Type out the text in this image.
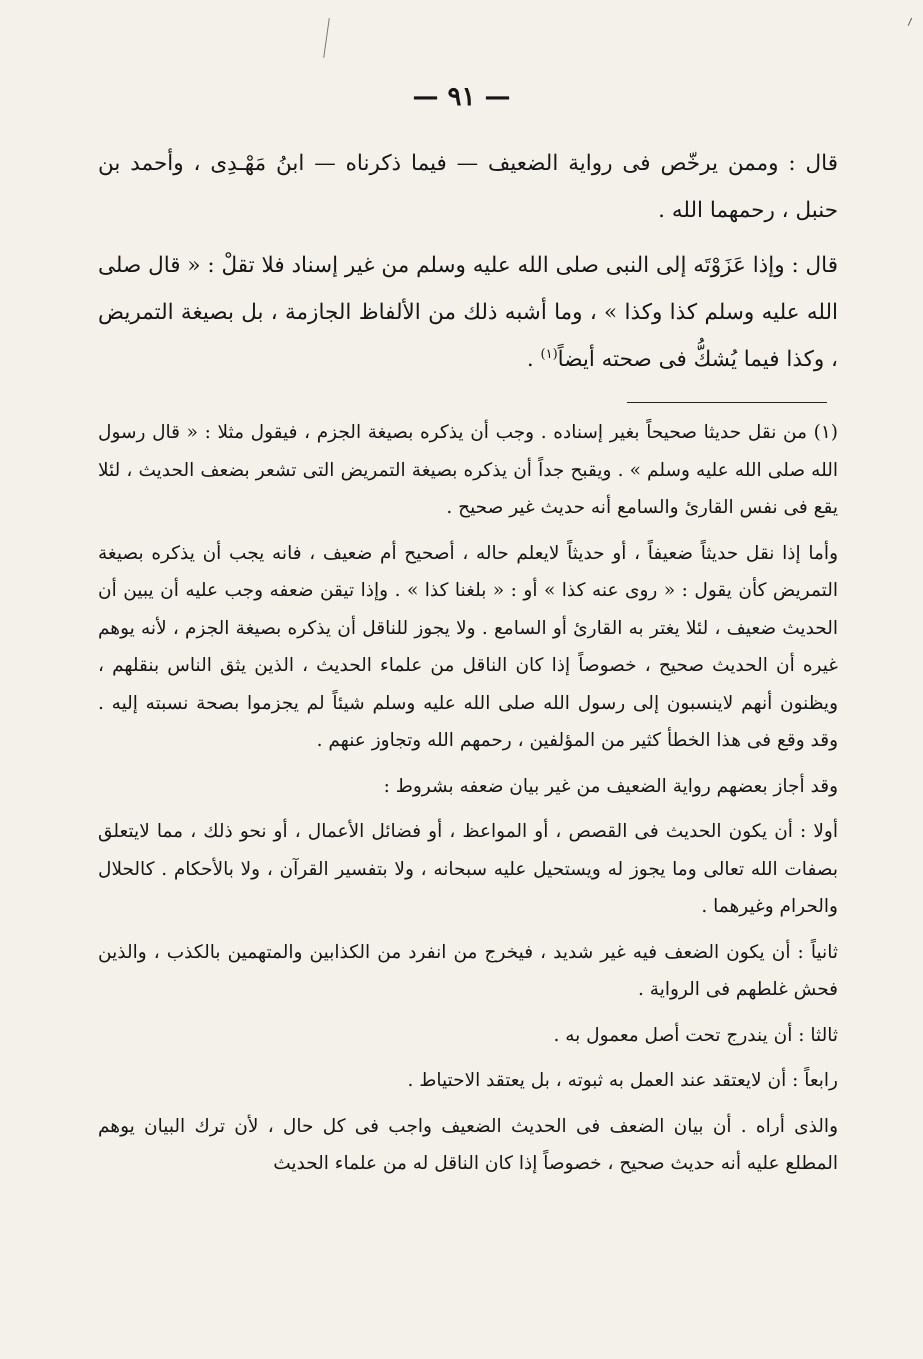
⸝
— ٩١ —

قال : وممن يرخّص فى رواية الضعيف — فيما ذكرناه — ابنُ مَهْـدِى ، وأحمد بن حنبل ، رحمهما الله .

قال : وإذا عَزَوْتَه إلى النبى صلى الله عليه وسلم من غير إسناد فلا تقلْ : « قال صلى الله عليه وسلم كذا وكذا » ، وما أشبه ذلك من الألفاظ الجازمة ، بل بصيغة التمريض ، وكذا فيما يُشكُّ فى صحته أيضاً$^{(١)}$ .

(١) من نقل حديثا صحيحاً بغير إسناده . وجب أن يذكره بصيغة الجزم ، فيقول مثلا : « قال رسول الله صلى الله عليه وسلم » . ويقبح جداً أن يذكره بصيغة التمريض التى تشعر بضعف الحديث ، لئلا يقع فى نفس القارئ والسامع أنه حديث غير صحيح .

وأما إذا نقل حديثاً ضعيفاً ، أو حديثاً لايعلم حاله ، أصحيح أم ضعيف ، فانه يجب أن يذكره بصيغة التمريض كأن يقول : « روى عنه كذا » أو : « بلغنا كذا » . وإذا تيقن ضعفه وجب عليه أن يبين أن الحديث ضعيف ، لئلا يغتر به القارئ أو السامع . ولا يجوز للناقل أن يذكره بصيغة الجزم ، لأنه يوهم غيره أن الحديث صحيح ، خصوصاً إذا كان الناقل من علماء الحديث ، الذين يثق الناس بنقلهم ، ويظنون أنهم لاينسبون إلى رسول الله صلى الله عليه وسلم شيئاً لم يجزموا بصحة نسبته إليه . وقد وقع فى هذا الخطأ كثير من المؤلفين ، رحمهم الله وتجاوز عنهم .

وقد أجاز بعضهم رواية الضعيف من غير بيان ضعفه بشروط :

أولا : أن يكون الحديث فى القصص ، أو المواعظ ، أو فضائل الأعمال ، أو نحو ذلك ، مما لايتعلق بصفات الله تعالى وما يجوز له ويستحيل عليه سبحانه ، ولا بتفسير القرآن ، ولا بالأحكام . كالحلال والحرام وغيرهما .

ثانياً : أن يكون الضعف فيه غير شديد ، فيخرج من انفرد من الكذابين والمتهمين بالكذب ، والذين فحش غلطهم فى الرواية .

ثالثا : أن يندرج تحت أصل معمول به .

رابعاً : أن لايعتقد عند العمل به ثبوته ، بل يعتقد الاحتياط .

والذى أراه . أن بيان الضعف فى الحديث الضعيف واجب فى كل حال ، لأن ترك البيان يوهم المطلع عليه أنه حديث صحيح ، خصوصاً إذا كان الناقل له من علماء الحديث
